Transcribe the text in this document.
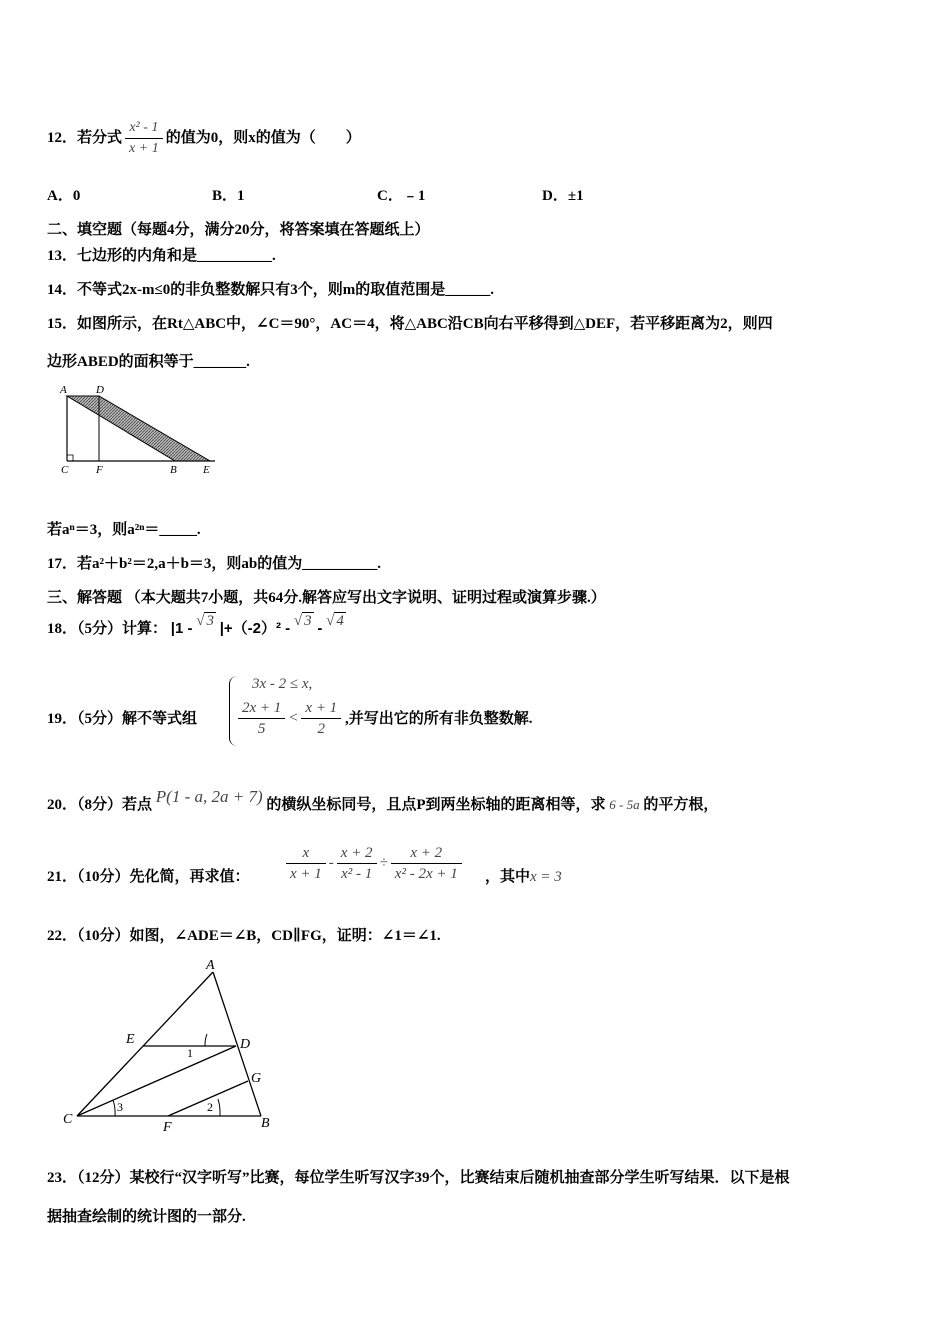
12．若分式 $\frac{\text{x² - 1}}{x + 1}$ 的值为0，则x的值为（　　）
A．0	B．1	C．﹣1	D．±1
二、填空题（每题4分，满分20分，将答案填在答题纸上）
13．七边形的内角和是__________.
14．不等式2x-m≤0的非负整数解只有3个，则m的取值范围是______.
15．如图所示，在Rt△ABC中，∠C＝90°，AC＝4，将△ABC沿CB向右平移得到△DEF，若平移距离为2，则四
边形ABED的面积等于_______.
A	D
C	F	B E
若aⁿ＝3，则a²ⁿ＝_____.
17．若a²＋b²＝2,a＋b＝3，则ab的值为__________.
三、解答题 （本大题共7小题，共64分.解答应写出文字说明、证明过程或演算步骤.）
18．（5分）计算： |1 - √ 3 |+（-2）² - √ 3 - √ 4
19．（5分）解不等式组
3x - 2 ≤ x,
$\frac{2x + 1}{5} < \frac{x + 1}{2}$ ,并写出它的所有非负整数解.
20．（8分）若点 P(1 - a, 2a + 7) 的横纵坐标同号，且点P到两坐标轴的距离相等，求 6 - 5a 的平方根，
21．（10分）先化简，再求值： $\frac{x}{x + 1} - \frac{x + 2}{\text{x² - 1}} \div \frac{x + 2}{\text{x² - 2x + 1}}$ ，其中x = 3
22．（10分）如图，∠ADE＝∠B，CD∥FG，证明：∠1＝∠1.
A
E	D
G
C
F	B
1
2
3
23．（12分）某校行“汉字听写”比赛，每位学生听写汉字39个，比赛结束后随机抽查部分学生听写结果．以下是根
据抽查绘制的统计图的一部分.
